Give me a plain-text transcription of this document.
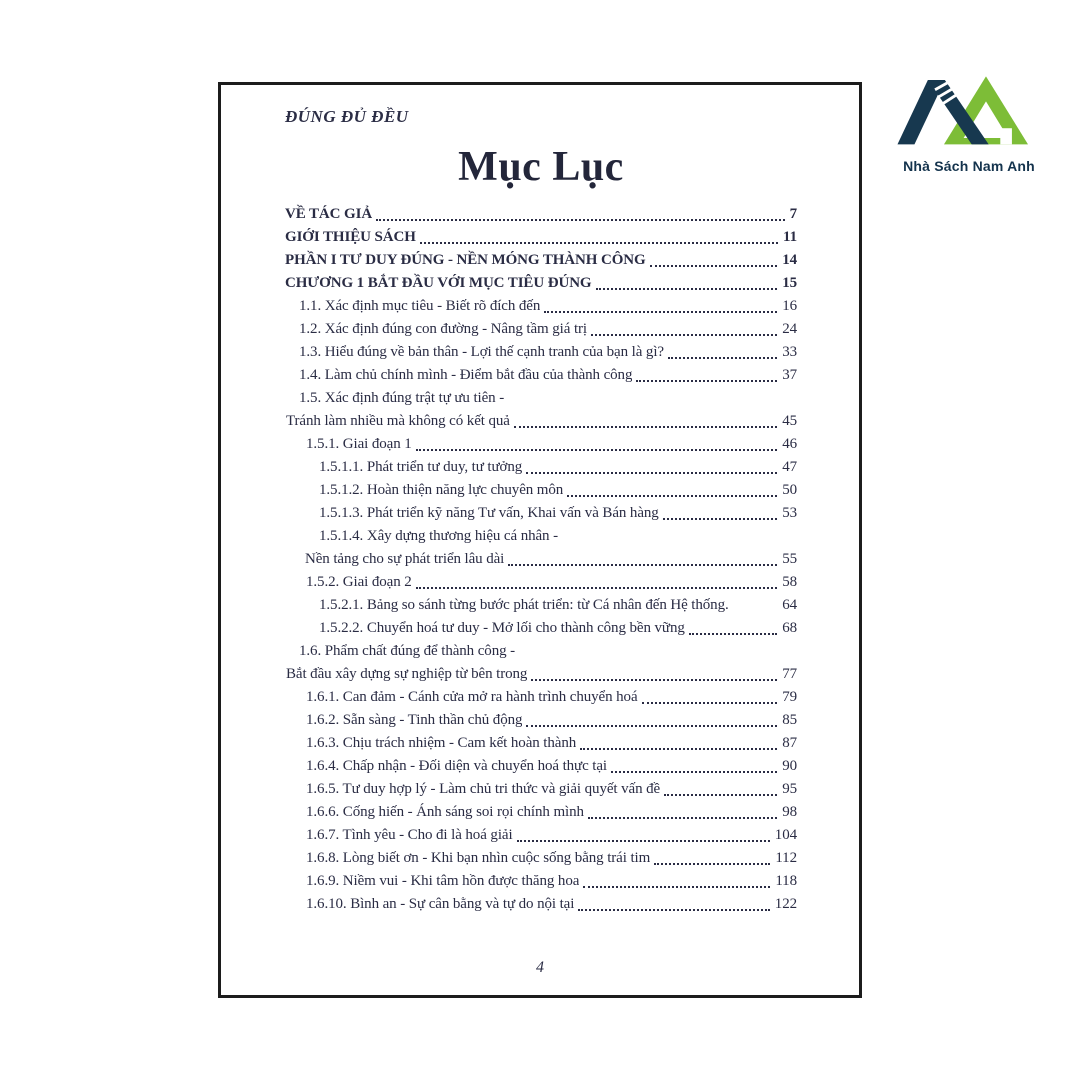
ĐÚNG ĐỦ ĐỀU
Mục Lục
VỀ TÁC GIẢ	7
GIỚI THIỆU SÁCH	11
PHẦN I TƯ DUY ĐÚNG - NỀN MÓNG THÀNH CÔNG	14
CHƯƠNG 1 BẮT ĐẦU VỚI MỤC TIÊU ĐÚNG	15
1.1. Xác định mục tiêu - Biết rõ đích đến	16
1.2. Xác định đúng con đường - Nâng tầm giá trị	24
1.3. Hiểu đúng về bản thân - Lợi thế cạnh tranh của bạn là gì?	33
1.4. Làm chủ chính mình - Điểm bắt đầu của thành công	37
1.5. Xác định đúng trật tự ưu tiên -
Tránh làm nhiều mà không có kết quả	45
1.5.1. Giai đoạn 1	46
1.5.1.1. Phát triển tư duy, tư tưởng	47
1.5.1.2. Hoàn thiện năng lực chuyên môn	50
1.5.1.3. Phát triển kỹ năng Tư vấn, Khai vấn và Bán hàng	53
1.5.1.4. Xây dựng thương hiệu cá nhân -
Nền tảng cho sự phát triển lâu dài	55
1.5.2. Giai đoạn 2	58
1.5.2.1. Bảng so sánh từng bước phát triển: từ Cá nhân đến Hệ thống.	64
1.5.2.2. Chuyển hoá tư duy - Mở lối cho thành công bền vững	68
1.6. Phẩm chất đúng để thành công -
Bắt đầu xây dựng sự nghiệp từ bên trong	77
1.6.1. Can đảm - Cánh cửa mở ra hành trình chuyển hoá	79
1.6.2. Sẵn sàng - Tinh thần chủ động	85
1.6.3. Chịu trách nhiệm - Cam kết hoàn thành	87
1.6.4. Chấp nhận - Đối diện và chuyển hoá thực tại	90
1.6.5. Tư duy hợp lý - Làm chủ tri thức và giải quyết vấn đề	95
1.6.6. Cống hiến - Ánh sáng soi rọi chính mình	98
1.6.7. Tình yêu - Cho đi là hoá giải	104
1.6.8. Lòng biết ơn - Khi bạn nhìn cuộc sống bằng trái tim	112
1.6.9. Niềm vui - Khi tâm hồn được thăng hoa	118
1.6.10. Bình an - Sự cân bằng và tự do nội tại	122
4
Nhà Sách Nam Anh
